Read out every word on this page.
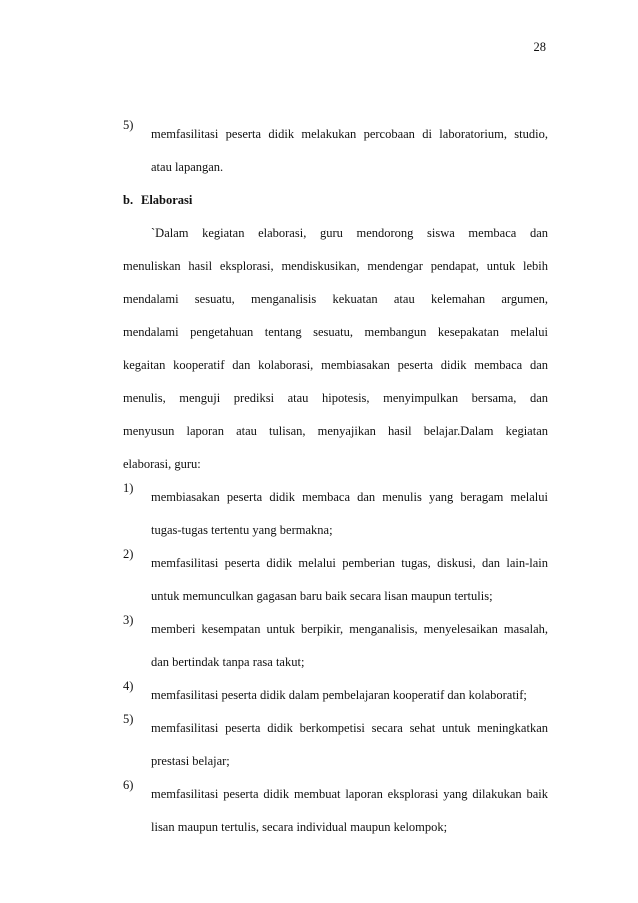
28
5)
memfasilitasi peserta didik melakukan percobaan di laboratorium, studio,
atau lapangan.
b. Elaborasi
`Dalam kegiatan elaborasi, guru mendorong siswa membaca dan
menuliskan hasil eksplorasi, mendiskusikan, mendengar pendapat, untuk lebih
mendalami sesuatu, menganalisis kekuatan atau kelemahan argumen,
mendalami pengetahuan tentang sesuatu, membangun kesepakatan melalui
kegaitan kooperatif dan kolaborasi, membiasakan peserta didik membaca dan
menulis, menguji prediksi atau hipotesis, menyimpulkan bersama, dan
menyusun laporan atau tulisan, menyajikan hasil belajar.Dalam kegiatan
elaborasi, guru:
1)
membiasakan peserta didik membaca dan menulis yang beragam melalui
tugas-tugas tertentu yang bermakna;
2)
memfasilitasi peserta didik melalui pemberian tugas, diskusi, dan lain-lain
untuk memunculkan gagasan baru baik secara lisan maupun tertulis;
3)
memberi kesempatan untuk berpikir, menganalisis, menyelesaikan masalah,
dan bertindak tanpa rasa takut;
4)
memfasilitasi peserta didik dalam pembelajaran kooperatif dan kolaboratif;
5)
memfasilitasi peserta didik berkompetisi secara sehat untuk meningkatkan
prestasi belajar;
6)
memfasilitasi peserta didik membuat laporan eksplorasi yang dilakukan baik
lisan maupun tertulis, secara individual maupun kelompok;
